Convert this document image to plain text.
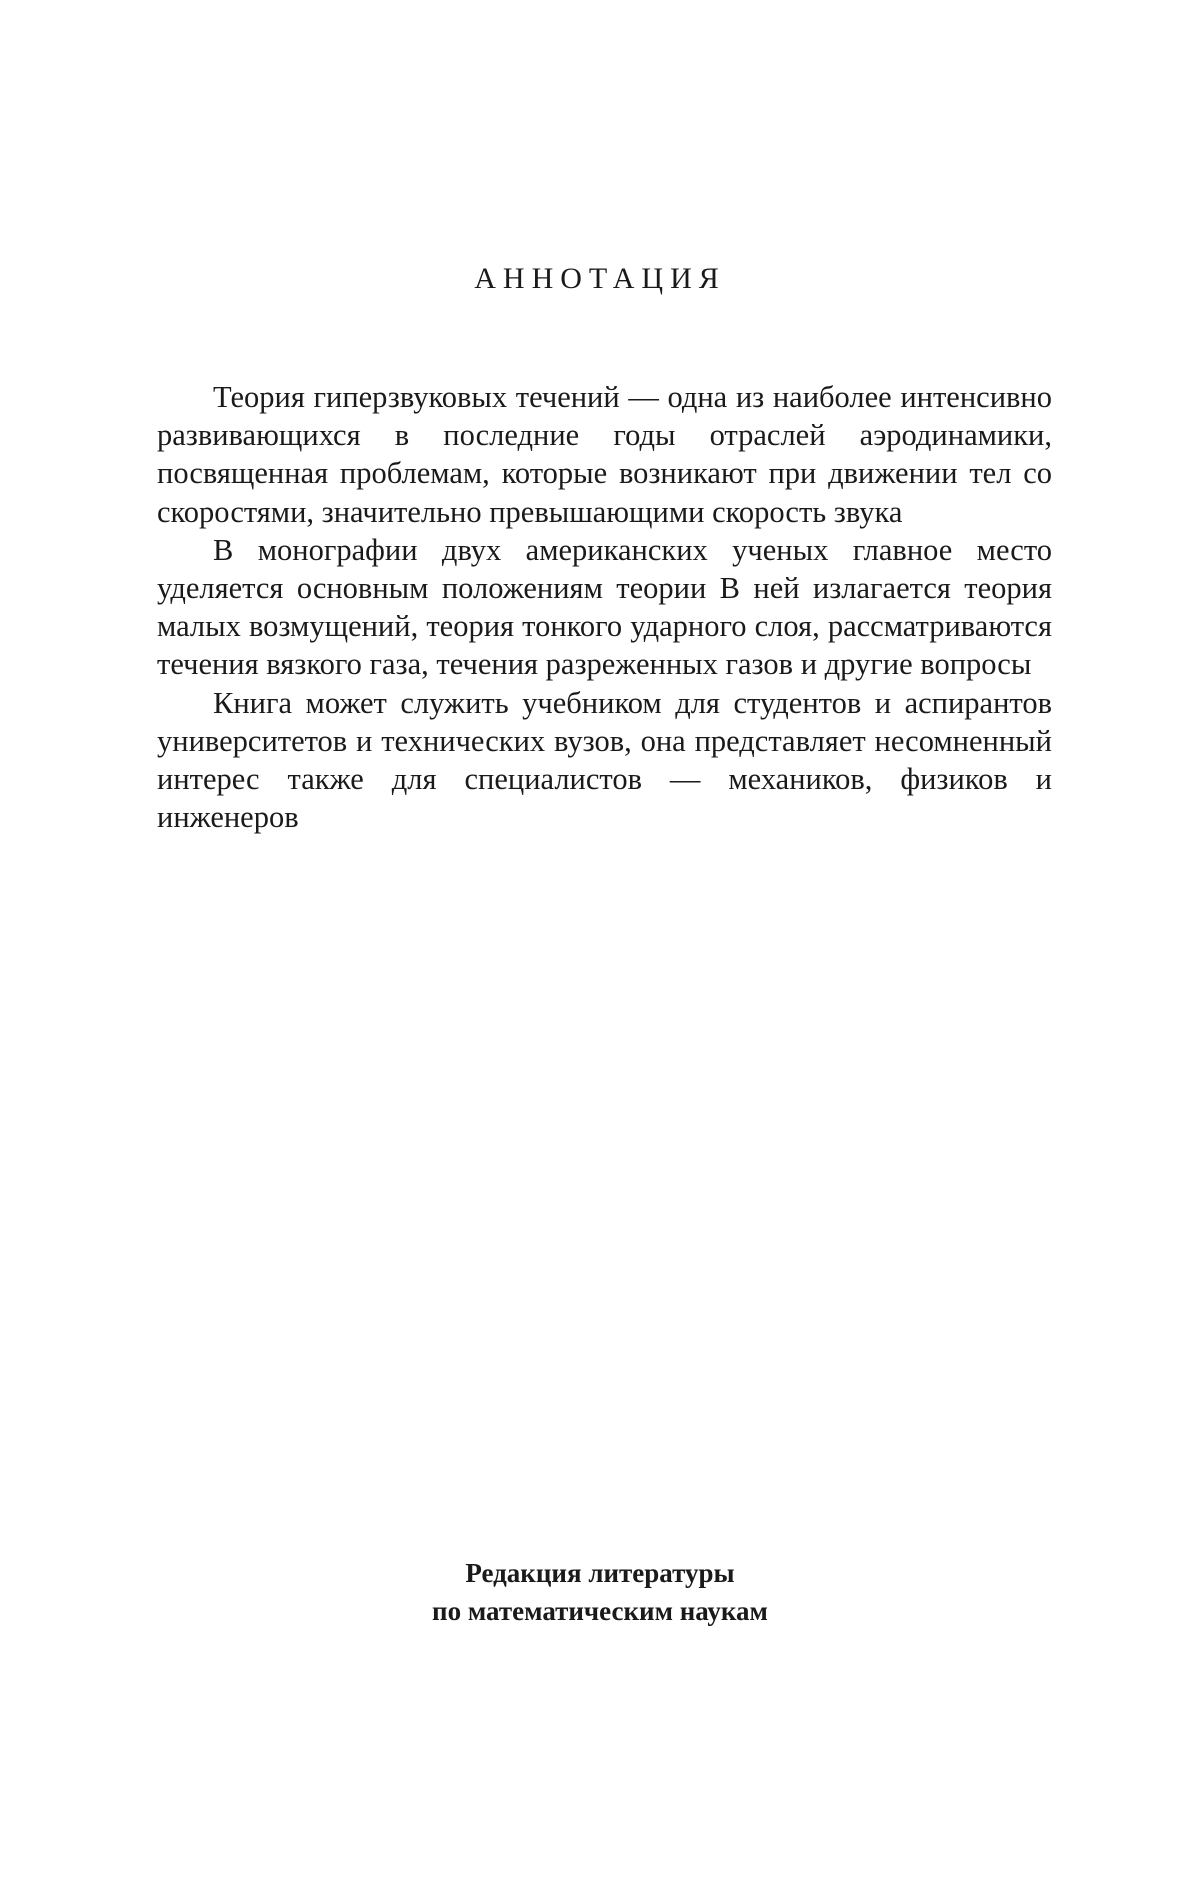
АННОТАЦИЯ

Теория гиперзвуковых течений — одна из наиболее интенсивно развивающихся в последние годы отраслей аэродинамики, посвященная проблемам, которые возникают при движении тел со скоростями, значительно превышающими скорость звука

В монографии двух американских ученых главное место уделяется основным положениям теории В ней излагается теория малых возмущений, теория тонкого ударного слоя, рассматриваются течения вязкого газа, течения разреженных газов и другие вопросы

Книга может служить учебником для студентов и аспирантов университетов и технических вузов, она представляет несомненный интерес также для специалистов — механиков, физиков и инженеров

Редакция литературы
по математическим наукам
